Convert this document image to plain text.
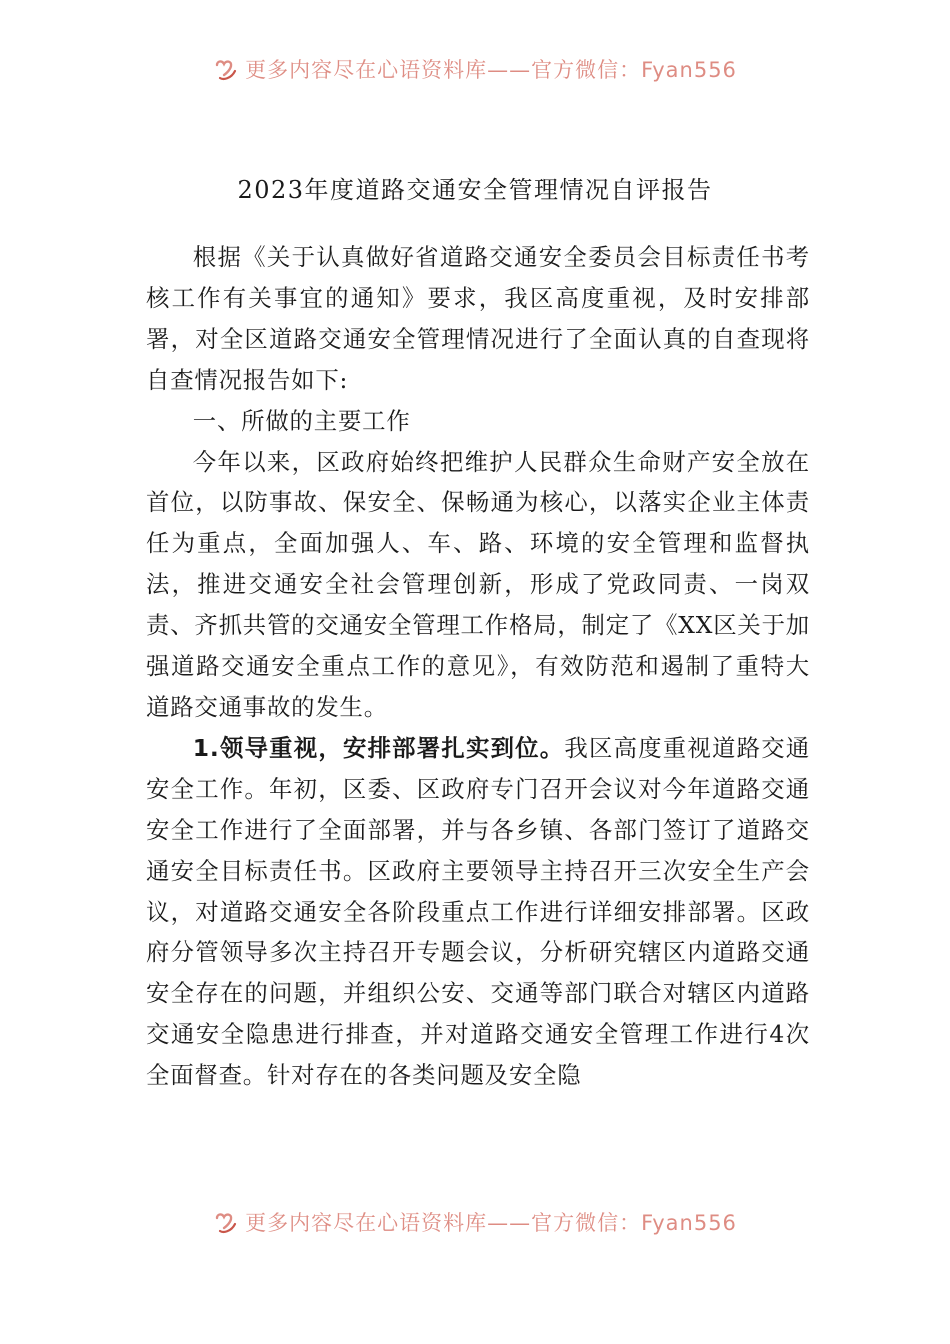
更多内容尽在心语资料库——官方微信：Fyan556
2023年度道路交通安全管理情况自评报告

根据《关于认真做好省道路交通安全委员会目标责任书考核工作有关事宜的通知》要求，我区高度重视，及时安排部署，对全区道路交通安全管理情况进行了全面认真的自查现将自查情况报告如下:

一、所做的主要工作

今年以来，区政府始终把维护人民群众生命财产安全放在首位，以防事故、保安全、保畅通为核心，以落实企业主体责任为重点，全面加强人、车、路、环境的安全管理和监督执法，推进交通安全社会管理创新，形成了党政同责、一岗双责、齐抓共管的交通安全管理工作格局，制定了《XX区关于加强道路交通安全重点工作的意见》，有效防范和遏制了重特大道路交通事故的发生。

1.领导重视，安排部署扎实到位。我区高度重视道路交通安全工作。年初，区委、区政府专门召开会议对今年道路交通安全工作进行了全面部署，并与各乡镇、各部门签订了道路交通安全目标责任书。区政府主要领导主持召开三次安全生产会议，对道路交通安全各阶段重点工作进行详细安排部署。区政府分管领导多次主持召开专题会议，分析研究辖区内道路交通安全存在的问题，并组织公安、交通等部门联合对辖区内道路交通安全隐患进行排查，并对道路交通安全管理工作进行4次全面督查。针对存在的各类问题及安全隐

更多内容尽在心语资料库——官方微信：Fyan556
